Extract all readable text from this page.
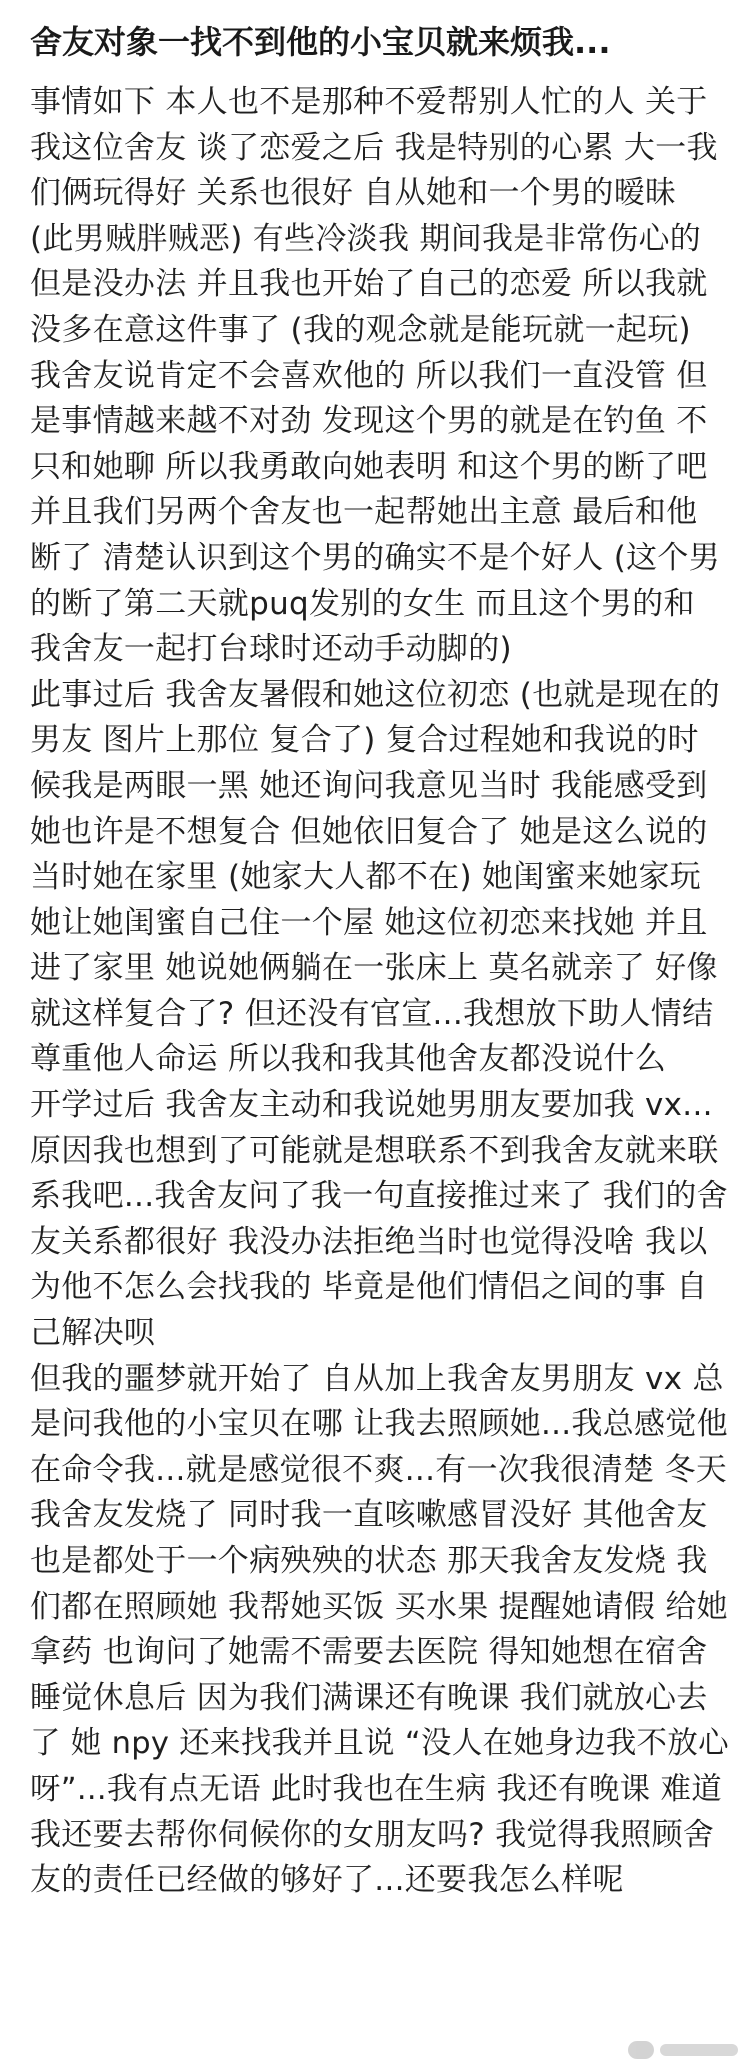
舍友对象一找不到他的小宝贝就来烦我...
事情如下 本人也不是那种不爱帮别人忙的人 关于
我这位舍友 谈了恋爱之后 我是特别的心累 大一我
们俩玩得好 关系也很好 自从她和一个男的暧昧
(此男贼胖贼恶) 有些冷淡我 期间我是非常伤心的
但是没办法 并且我也开始了自己的恋爱 所以我就
没多在意这件事了 (我的观念就是能玩就一起玩)
我舍友说肯定不会喜欢他的 所以我们一直没管 但
是事情越来越不对劲 发现这个男的就是在钓鱼 不
只和她聊 所以我勇敢向她表明 和这个男的断了吧
并且我们另两个舍友也一起帮她出主意 最后和他
断了 清楚认识到这个男的确实不是个好人 (这个男
的断了第二天就puq发别的女生 而且这个男的和
我舍友一起打台球时还动手动脚的)
此事过后 我舍友暑假和她这位初恋 (也就是现在的
男友 图片上那位 复合了) 复合过程她和我说的时
候我是两眼一黑 她还询问我意见当时 我能感受到
她也许是不想复合 但她依旧复合了 她是这么说的
当时她在家里 (她家大人都不在) 她闺蜜来她家玩
她让她闺蜜自己住一个屋 她这位初恋来找她 并且
进了家里 她说她俩躺在一张床上 莫名就亲了 好像
就这样复合了? 但还没有官宣...我想放下助人情结
尊重他人命运 所以我和我其他舍友都没说什么
开学过后 我舍友主动和我说她男朋友要加我 vx...
原因我也想到了可能就是想联系不到我舍友就来联
系我吧...我舍友问了我一句直接推过来了 我们的舍
友关系都很好 我没办法拒绝当时也觉得没啥 我以
为他不怎么会找我的 毕竟是他们情侣之间的事 自
己解决呗
但我的噩梦就开始了 自从加上我舍友男朋友 vx 总
是问我他的小宝贝在哪 让我去照顾她...我总感觉他
在命令我...就是感觉很不爽...有一次我很清楚 冬天
我舍友发烧了 同时我一直咳嗽感冒没好 其他舍友
也是都处于一个病殃殃的状态 那天我舍友发烧 我
们都在照顾她 我帮她买饭 买水果 提醒她请假 给她
拿药 也询问了她需不需要去医院 得知她想在宿舍
睡觉休息后 因为我们满课还有晚课 我们就放心去
了 她 npy 还来找我并且说 “没人在她身边我不放心
呀”...我有点无语 此时我也在生病 我还有晚课 难道
我还要去帮你伺候你的女朋友吗? 我觉得我照顾舍
友的责任已经做的够好了...还要我怎么样呢
